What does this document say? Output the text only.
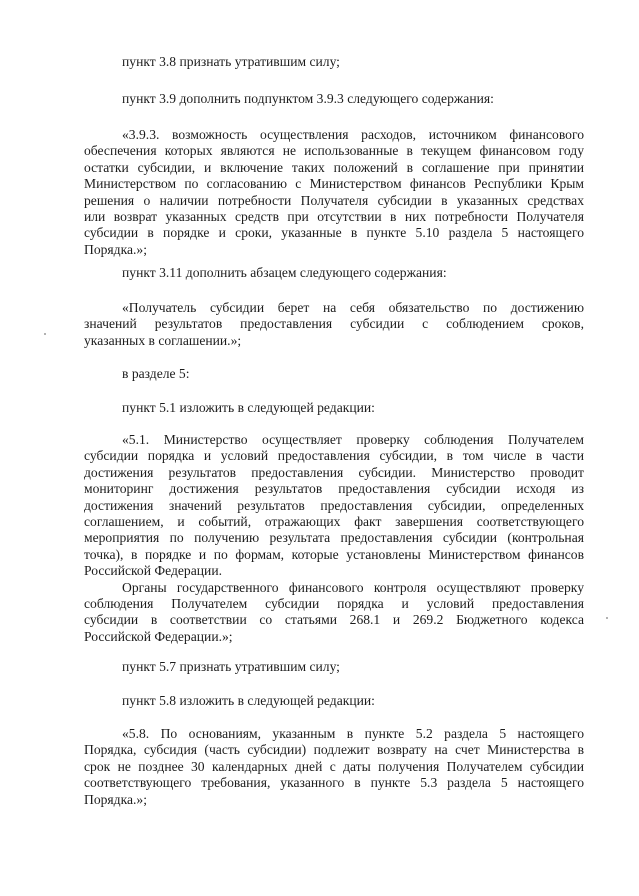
пункт 3.8 признать утратившим силу;

пункт 3.9 дополнить подпунктом 3.9.3 следующего содержания:

«3.9.3. возможность осуществления расходов, источником финансового
обеспечения которых являются не использованные в текущем финансовом году
остатки субсидии, и включение таких положений в соглашение при принятии
Министерством по согласованию с Министерством финансов Республики Крым
решения о наличии потребности Получателя субсидии в указанных средствах
или возврат указанных средств при отсутствии в них потребности Получателя
субсидии в порядке и сроки, указанные в пункте 5.10 раздела 5 настоящего
Порядка.»;

пункт 3.11 дополнить абзацем следующего содержания:

«Получатель субсидии берет на себя обязательство по достижению
значений результатов предоставления субсидии с соблюдением сроков,
указанных в соглашении.»;

в разделе 5:

пункт 5.1 изложить в следующей редакции:

«5.1. Министерство осуществляет проверку соблюдения Получателем
субсидии порядка и условий предоставления субсидии, в том числе в части
достижения результатов предоставления субсидии. Министерство проводит
мониторинг достижения результатов предоставления субсидии исходя из
достижения значений результатов предоставления субсидии, определенных
соглашением, и событий, отражающих факт завершения соответствующего
мероприятия по получению результата предоставления субсидии (контрольная
точка), в порядке и по формам, которые установлены Министерством финансов
Российской Федерации.
Органы государственного финансового контроля осуществляют проверку
соблюдения Получателем субсидии порядка и условий предоставления
субсидии в соответствии со статьями 268.1 и 269.2 Бюджетного кодекса
Российской Федерации.»;

пункт 5.7 признать утратившим силу;

пункт 5.8 изложить в следующей редакции:

«5.8. По основаниям, указанным в пункте 5.2 раздела 5 настоящего
Порядка, субсидия (часть субсидии) подлежит возврату на счет Министерства в
срок не позднее 30 календарных дней с даты получения Получателем субсидии
соответствующего требования, указанного в пункте 5.3 раздела 5 настоящего
Порядка.»;
